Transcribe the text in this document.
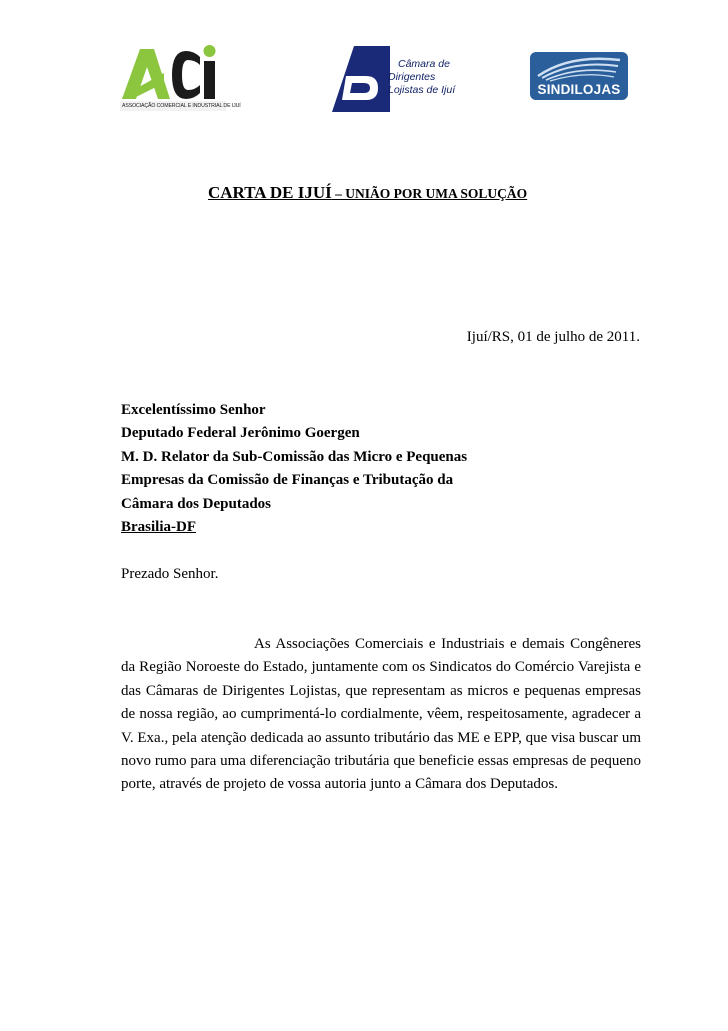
ASSOCIAÇÃO COMERCIAL E INDUSTRIAL DE IJUÍ
Câmara de
Dirigentes
Lojistas de Ijuí	SINDILOJAS
CARTA DE IJUÍ – UNIÃO POR UMA SOLUÇÃO
Ijuí/RS, 01 de julho de 2011.
Excelentíssimo Senhor
Deputado Federal Jerônimo Goergen
M. D. Relator da Sub-Comissão das Micro e Pequenas
Empresas da Comissão de Finanças e Tributação da
Câmara dos Deputados
Brasilia-DF
Prezado Senhor.
As Associações Comerciais e Industriais e demais Congêneres da Região Noroeste do Estado, juntamente com os Sindicatos do Comércio Varejista e das Câmaras de Dirigentes Lojistas, que representam as micros e pequenas empresas de nossa região, ao cumprimentá-lo cordialmente, vêem, respeitosamente, agradecer a V. Exa., pela atenção dedicada ao assunto tributário das ME e EPP, que visa buscar um novo rumo para uma diferenciação tributária que beneficie essas empresas de pequeno porte, através de projeto de vossa autoria junto a Câmara dos Deputados.
